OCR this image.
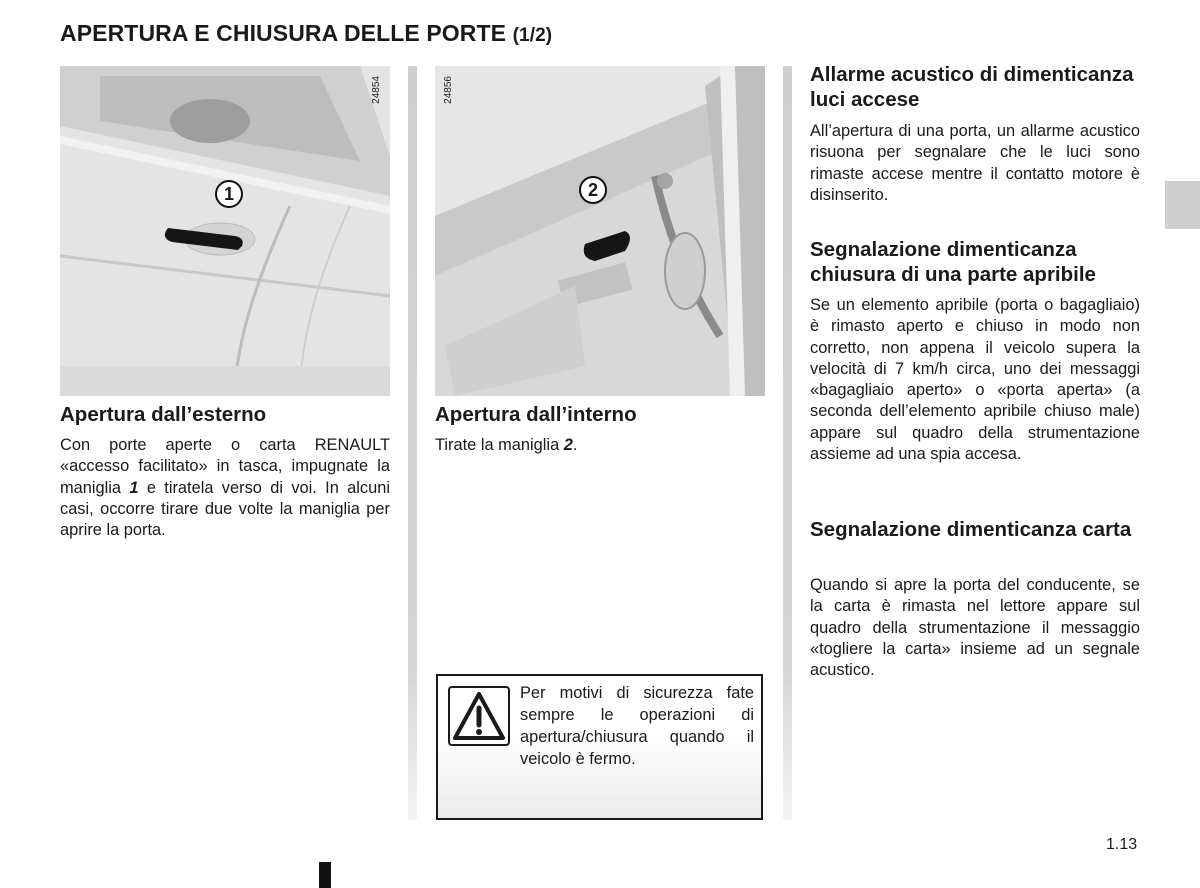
APERTURA E CHIUSURA DELLE PORTE (1/2)
24854
1
24856
2
Apertura dall’esterno
Con porte aperte o carta RENAULT «accesso facilitato» in tasca, impugnate la maniglia 1 e tiratela verso di voi. In alcuni casi, occorre tirare due volte la maniglia per aprire la porta.
Apertura dall’interno
Tirate la maniglia 2.
Per motivi di sicurezza fate sempre le operazioni di apertura/chiusura quando il veicolo è fermo.
Allarme acustico di dimenticanza luci accese
All’apertura di una porta, un allarme acustico risuona per segnalare che le luci sono rimaste accese mentre il contatto motore è disinserito.
Segnalazione dimenticanza chiusura di una parte apribile
Se un elemento apribile (porta o bagagliaio) è rimasto aperto e chiuso in modo non corretto, non appena il veicolo supera la velocità di 7 km/h circa, uno dei messaggi «bagagliaio aperto» o «porta aperta» (a seconda dell’elemento apribile chiuso male) appare sul quadro della strumentazione assieme ad una spia accesa.
Segnalazione dimenticanza carta
Quando si apre la porta del conducente, se la carta è rimasta nel lettore appare sul quadro della strumentazione il messaggio «togliere la carta» insieme ad un segnale acustico.
1.13
